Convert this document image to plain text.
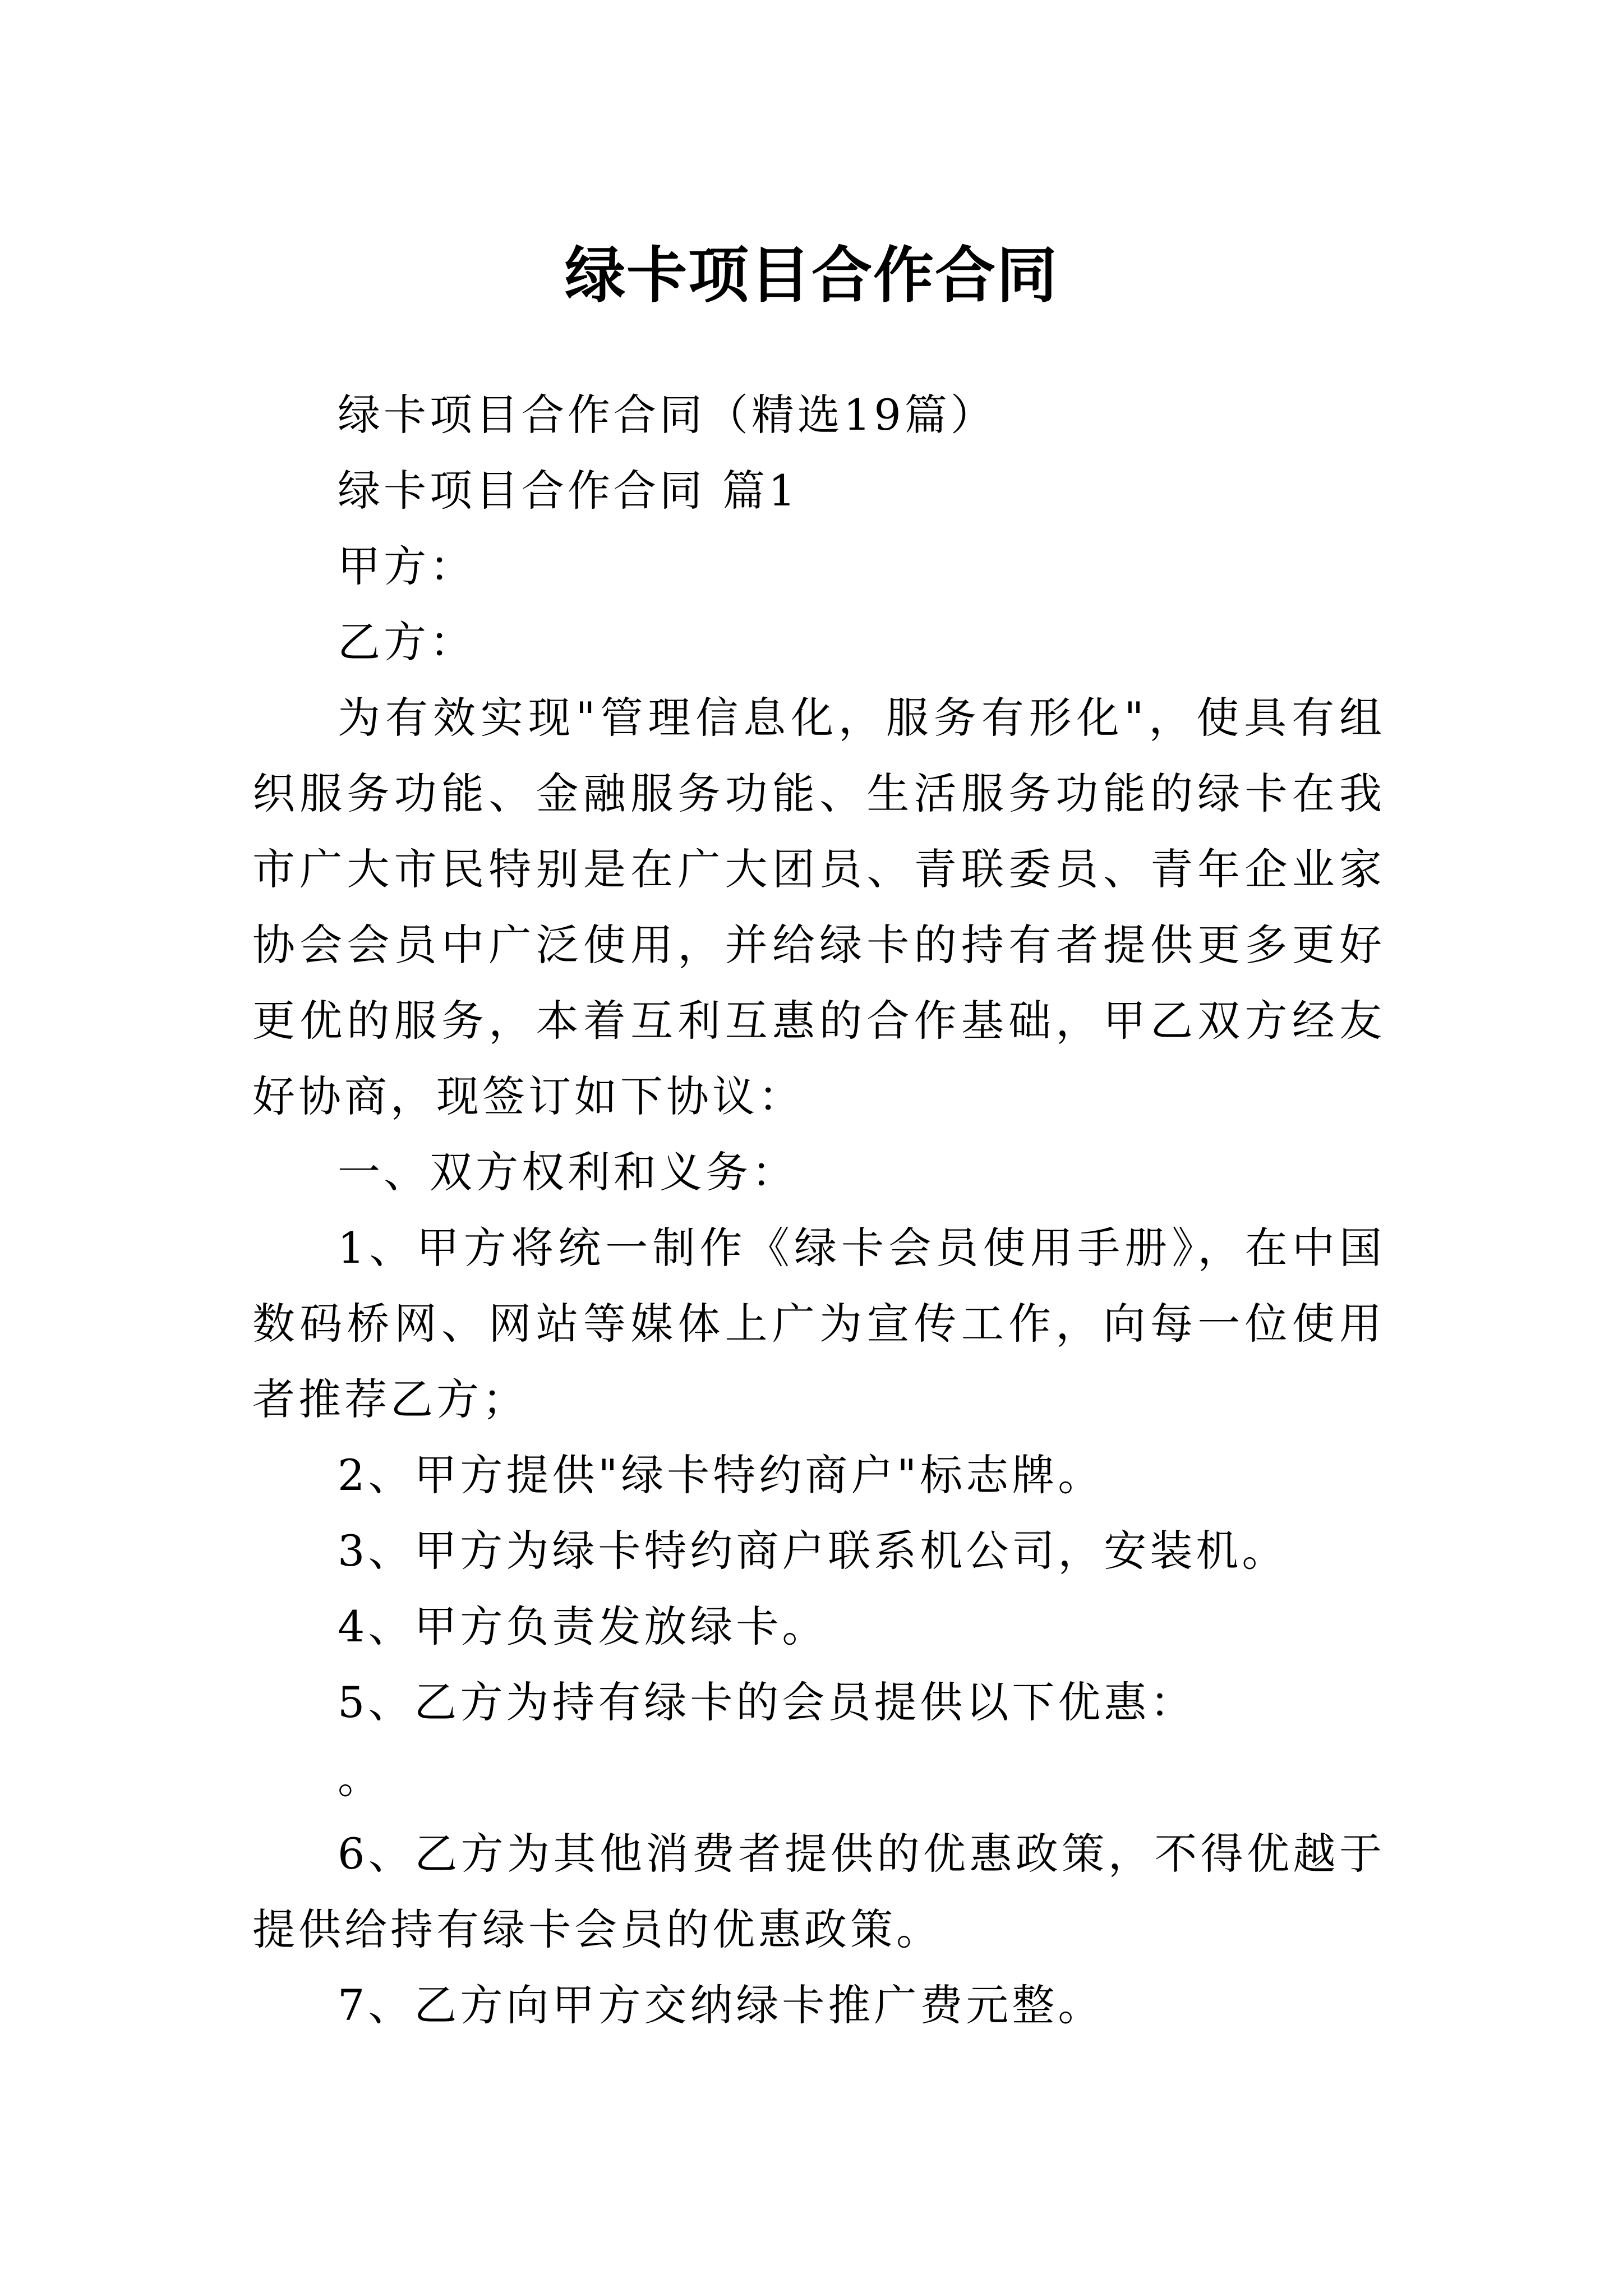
绿卡项目合作合同

绿卡项目合作合同（精选19篇）

绿卡项目合作合同 篇1

甲方：

乙方：

为有效实现"管理信息化，服务有形化"，使具有组织服务功能、金融服务功能、生活服务功能的绿卡在我市广大市民特别是在广大团员、青联委员、青年企业家协会会员中广泛使用，并给绿卡的持有者提供更多更好更优的服务，本着互利互惠的合作基础，甲乙双方经友好协商，现签订如下协议：

一、双方权利和义务：

1、甲方将统一制作《绿卡会员使用手册》，在中国数码桥网、网站等媒体上广为宣传工作，向每一位使用者推荐乙方；

2、甲方提供"绿卡特约商户"标志牌。

3、甲方为绿卡特约商户联系机公司，安装机。

4、甲方负责发放绿卡。

5、乙方为持有绿卡的会员提供以下优惠：

。

6、乙方为其他消费者提供的优惠政策，不得优越于提供给持有绿卡会员的优惠政策。

7、乙方向甲方交纳绿卡推广费元整。
